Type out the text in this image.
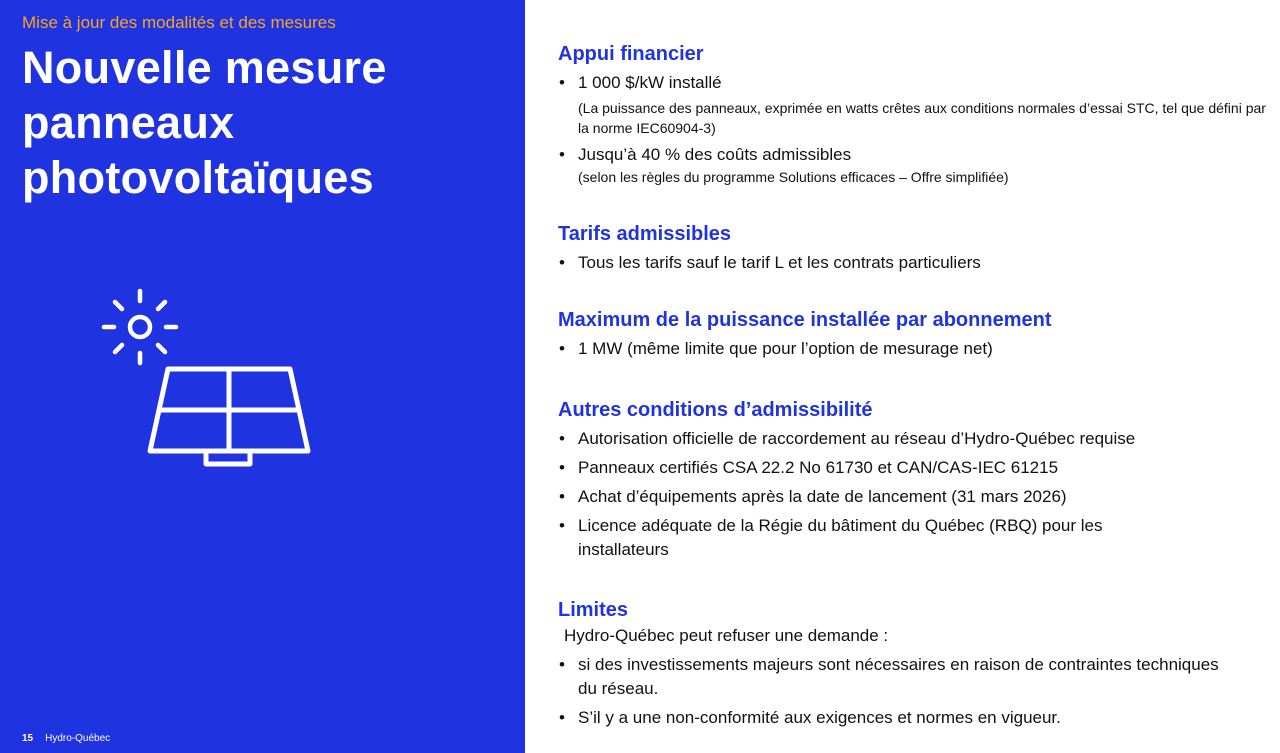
Mise à jour des modalités et des mesures
Nouvelle mesure panneaux photovoltaïques
15 Hydro-Québec
Appui financier
• 1 000 $/kW installé
(La puissance des panneaux, exprimée en watts crêtes aux conditions normales d’essai STC, tel que défini par la norme IEC60904-3)
• Jusqu’à 40 % des coûts admissibles
(selon les règles du programme Solutions efficaces – Offre simplifiée)
Tarifs admissibles
• Tous les tarifs sauf le tarif L et les contrats particuliers
Maximum de la puissance installée par abonnement
• 1 MW (même limite que pour l’option de mesurage net)
Autres conditions d’admissibilité
• Autorisation officielle de raccordement au réseau d’Hydro-Québec requise
• Panneaux certifiés CSA 22.2 No 61730 et CAN/CAS-IEC 61215
• Achat d’équipements après la date de lancement (31 mars 2026)
• Licence adéquate de la Régie du bâtiment du Québec (RBQ) pour les installateurs
Limites
Hydro-Québec peut refuser une demande :
• si des investissements majeurs sont nécessaires en raison de contraintes techniques du réseau.
• S’il y a une non-conformité aux exigences et normes en vigueur.
